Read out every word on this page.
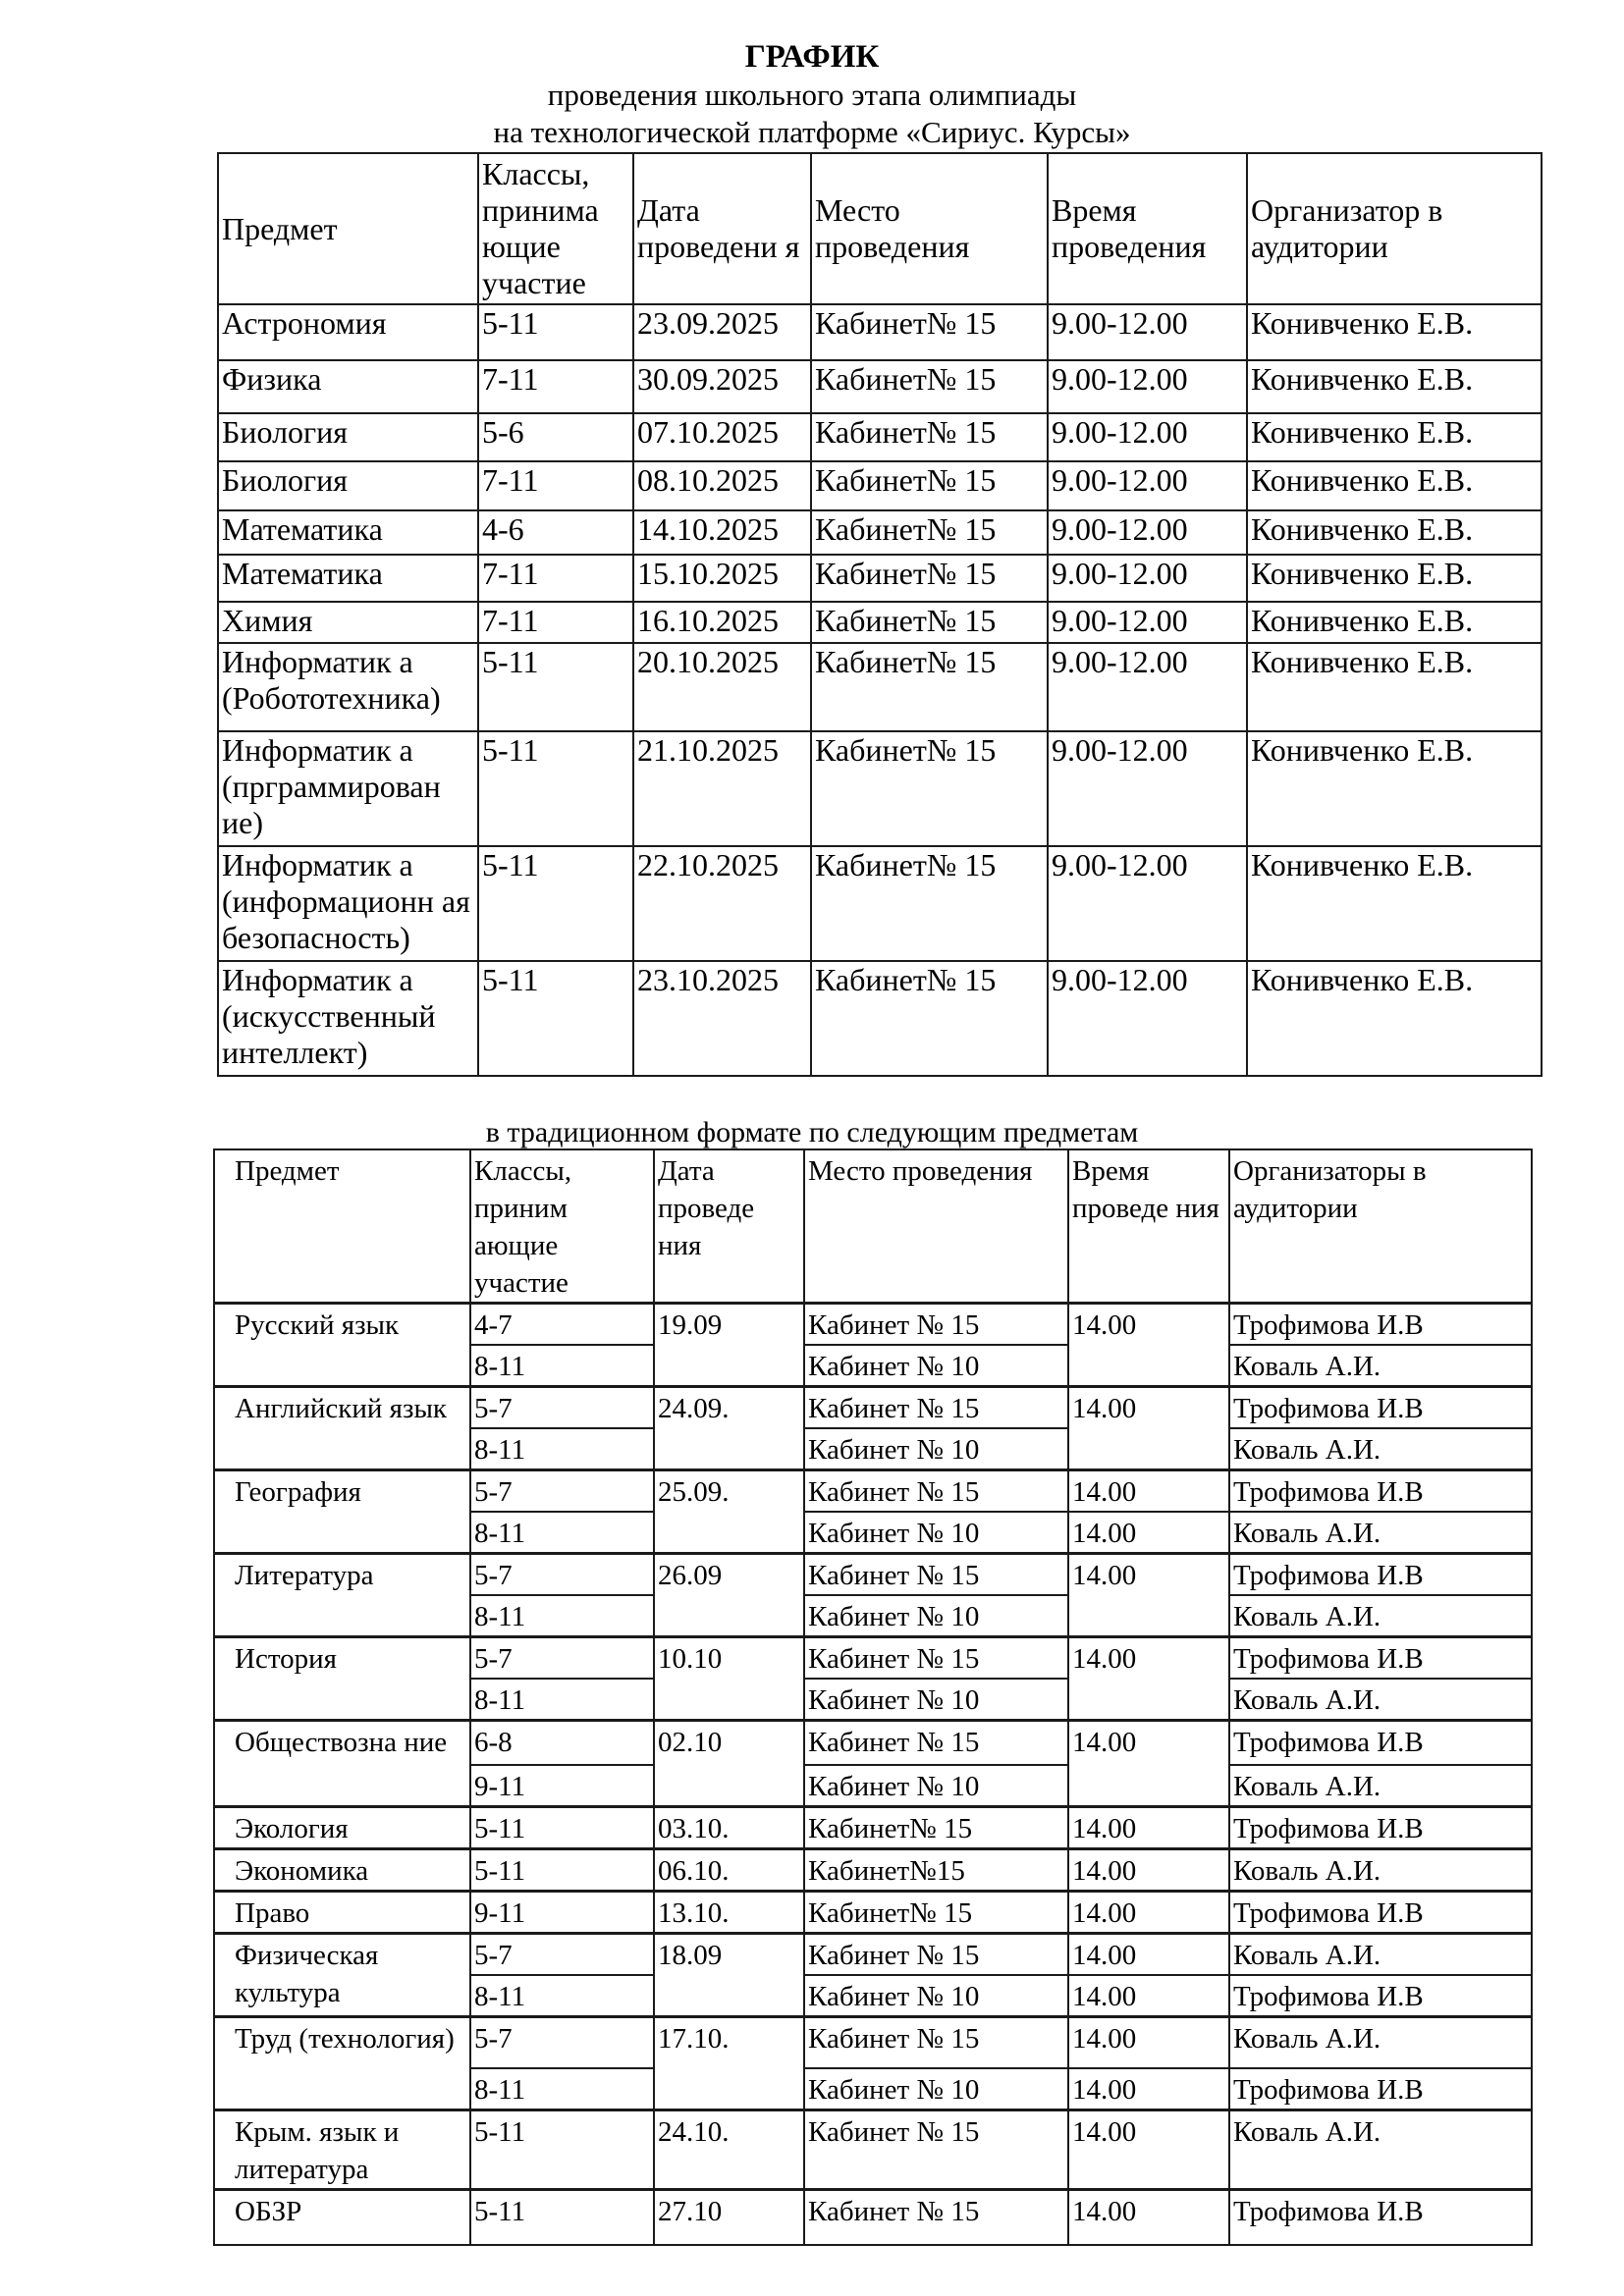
ГРАФИК
проведения школьного этапа олимпиады
на технологической платформе «Сириус. Курсы»
Предмет	Классы, принима ющие участие	Дата проведени я	Место проведения	Время проведения	Организатор в аудитории
Астрономия	5-11	23.09.2025	Кабинет№ 15	9.00-12.00	Конивченко Е.В.
Физика	7-11	30.09.2025	Кабинет№ 15	9.00-12.00	Конивченко Е.В.
Биология	5-6	07.10.2025	Кабинет№ 15	9.00-12.00	Конивченко Е.В.
Биология	7-11	08.10.2025	Кабинет№ 15	9.00-12.00	Конивченко Е.В.
Математика	4-6	14.10.2025	Кабинет№ 15	9.00-12.00	Конивченко Е.В.
Математика	7-11	15.10.2025	Кабинет№ 15	9.00-12.00	Конивченко Е.В.
Химия	7-11	16.10.2025	Кабинет№ 15	9.00-12.00	Конивченко Е.В.
Информатик а (Робототехника)	5-11	20.10.2025	Кабинет№ 15	9.00-12.00	Конивченко Е.В.
Информатик а (прграммирован ие)	5-11	21.10.2025	Кабинет№ 15	9.00-12.00	Конивченко Е.В.
Информатик а (информационн ая безопасность)	5-11	22.10.2025	Кабинет№ 15	9.00-12.00	Конивченко Е.В.
Информатик а (искусственный интеллект)	5-11	23.10.2025	Кабинет№ 15	9.00-12.00	Конивченко Е.В.
в традиционном формате по следующим предметам
Предмет	Классы, приним ающие участие	Дата проведе ния	Место проведения	Время проведе ния	Организаторы в аудитории
Русский язык	4-7	19.09	Кабинет № 15	14.00	Трофимова И.В
	8-11		Кабинет № 10		Коваль А.И.
Английский язык	5-7	24.09.	Кабинет № 15	14.00	Трофимова И.В
	8-11		Кабинет № 10		Коваль А.И.
География	5-7	25.09.	Кабинет № 15	14.00	Трофимова И.В
	8-11		Кабинет № 10	14.00	Коваль А.И.
Литература	5-7	26.09	Кабинет № 15	14.00	Трофимова И.В
	8-11		Кабинет № 10		Коваль А.И.
История	5-7	10.10	Кабинет № 15	14.00	Трофимова И.В
	8-11		Кабинет № 10		Коваль А.И.
Обществозна ние	6-8	02.10	Кабинет № 15	14.00	Трофимова И.В
	9-11		Кабинет № 10		Коваль А.И.
Экология	5-11	03.10.	Кабинет№ 15	14.00	Трофимова И.В
Экономика	5-11	06.10.	Кабинет№15	14.00	Коваль А.И.
Право	9-11	13.10.	Кабинет№ 15	14.00	Трофимова И.В
Физическая культура	5-7	18.09	Кабинет № 15	14.00	Коваль А.И.
	8-11		Кабинет № 10	14.00	Трофимова И.В
Труд (технология)	5-7	17.10.	Кабинет № 15	14.00	Коваль А.И.
	8-11		Кабинет № 10	14.00	Трофимова И.В
Крым. язык и литература	5-11	24.10.	Кабинет № 15	14.00	Коваль А.И.
ОБЗР	5-11	27.10	Кабинет № 15	14.00	Трофимова И.В
